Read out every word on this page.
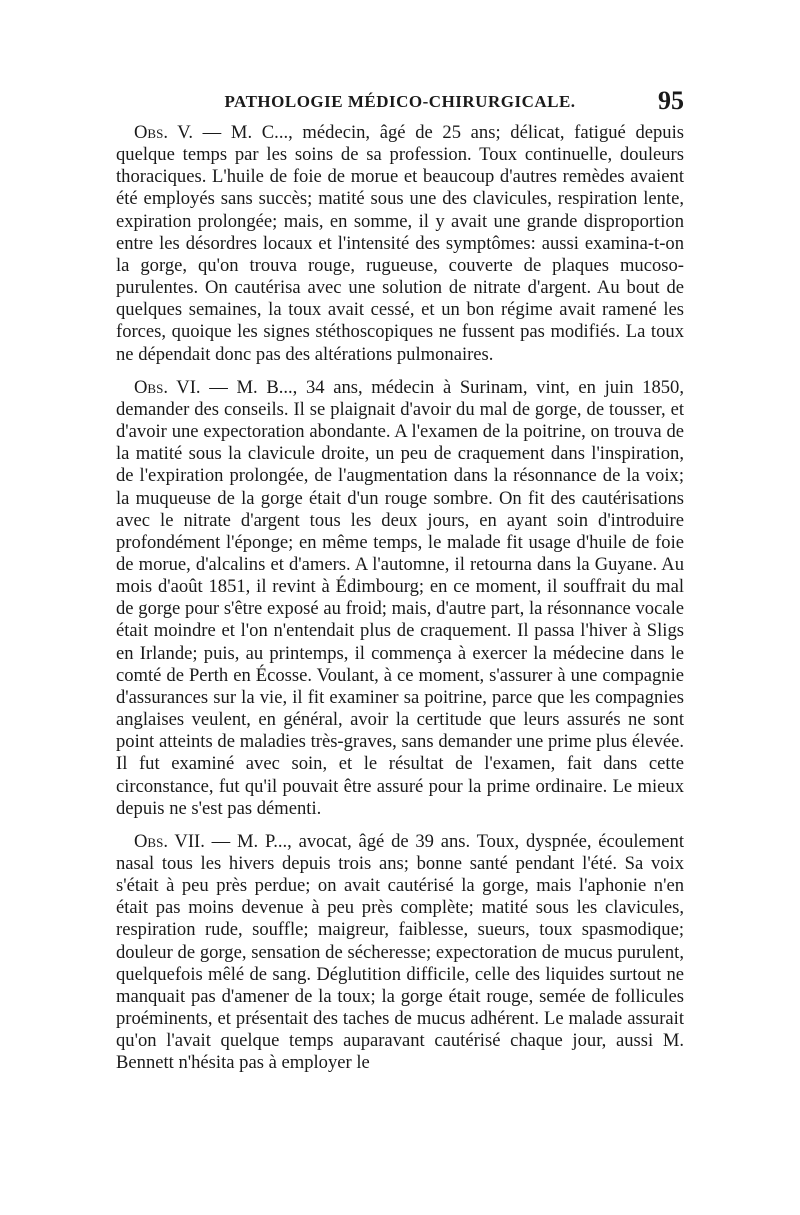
PATHOLOGIE MÉDICO-CHIRURGICALE.	95

Obs. V. — M. C..., médecin, âgé de 25 ans; délicat, fatigué depuis quelque temps par les soins de sa profession. Toux continuelle, douleurs thoraciques. L'huile de foie de morue et beaucoup d'autres remèdes avaient été employés sans succès; matité sous une des clavicules, respiration lente, expiration prolongée; mais, en somme, il y avait une grande disproportion entre les désordres locaux et l'intensité des symptômes: aussi examina-t-on la gorge, qu'on trouva rouge, rugueuse, couverte de plaques mucoso-purulentes. On cautérisa avec une solution de nitrate d'argent. Au bout de quelques semaines, la toux avait cessé, et un bon régime avait ramené les forces, quoique les signes stéthoscopiques ne fussent pas modifiés. La toux ne dépendait donc pas des altérations pulmonaires.

Obs. VI. — M. B..., 34 ans, médecin à Surinam, vint, en juin 1850, demander des conseils. Il se plaignait d'avoir du mal de gorge, de tousser, et d'avoir une expectoration abondante. A l'examen de la poitrine, on trouva de la matité sous la clavicule droite, un peu de craquement dans l'inspiration, de l'expiration prolongée, de l'augmentation dans la résonnance de la voix; la muqueuse de la gorge était d'un rouge sombre. On fit des cautérisations avec le nitrate d'argent tous les deux jours, en ayant soin d'introduire profondément l'éponge; en même temps, le malade fit usage d'huile de foie de morue, d'alcalins et d'amers. A l'automne, il retourna dans la Guyane. Au mois d'août 1851, il revint à Édimbourg; en ce moment, il souffrait du mal de gorge pour s'être exposé au froid; mais, d'autre part, la résonnance vocale était moindre et l'on n'entendait plus de craquement. Il passa l'hiver à Sligs en Irlande; puis, au printemps, il commença à exercer la médecine dans le comté de Perth en Écosse. Voulant, à ce moment, s'assurer à une compagnie d'assurances sur la vie, il fit examiner sa poitrine, parce que les compagnies anglaises veulent, en général, avoir la certitude que leurs assurés ne sont point atteints de maladies très-graves, sans demander une prime plus élevée. Il fut examiné avec soin, et le résultat de l'examen, fait dans cette circonstance, fut qu'il pouvait être assuré pour la prime ordinaire. Le mieux depuis ne s'est pas démenti.

Obs. VII. — M. P..., avocat, âgé de 39 ans. Toux, dyspnée, écoulement nasal tous les hivers depuis trois ans; bonne santé pendant l'été. Sa voix s'était à peu près perdue; on avait cautérisé la gorge, mais l'aphonie n'en était pas moins devenue à peu près complète; matité sous les clavicules, respiration rude, souffle; maigreur, faiblesse, sueurs, toux spasmodique; douleur de gorge, sensation de sécheresse; expectoration de mucus purulent, quelquefois mêlé de sang. Déglutition difficile, celle des liquides surtout ne manquait pas d'amener de la toux; la gorge était rouge, semée de follicules proéminents, et présentait des taches de mucus adhérent. Le malade assurait qu'on l'avait quelque temps auparavant cautérisé chaque jour, aussi M. Bennett n'hésita pas à employer le
